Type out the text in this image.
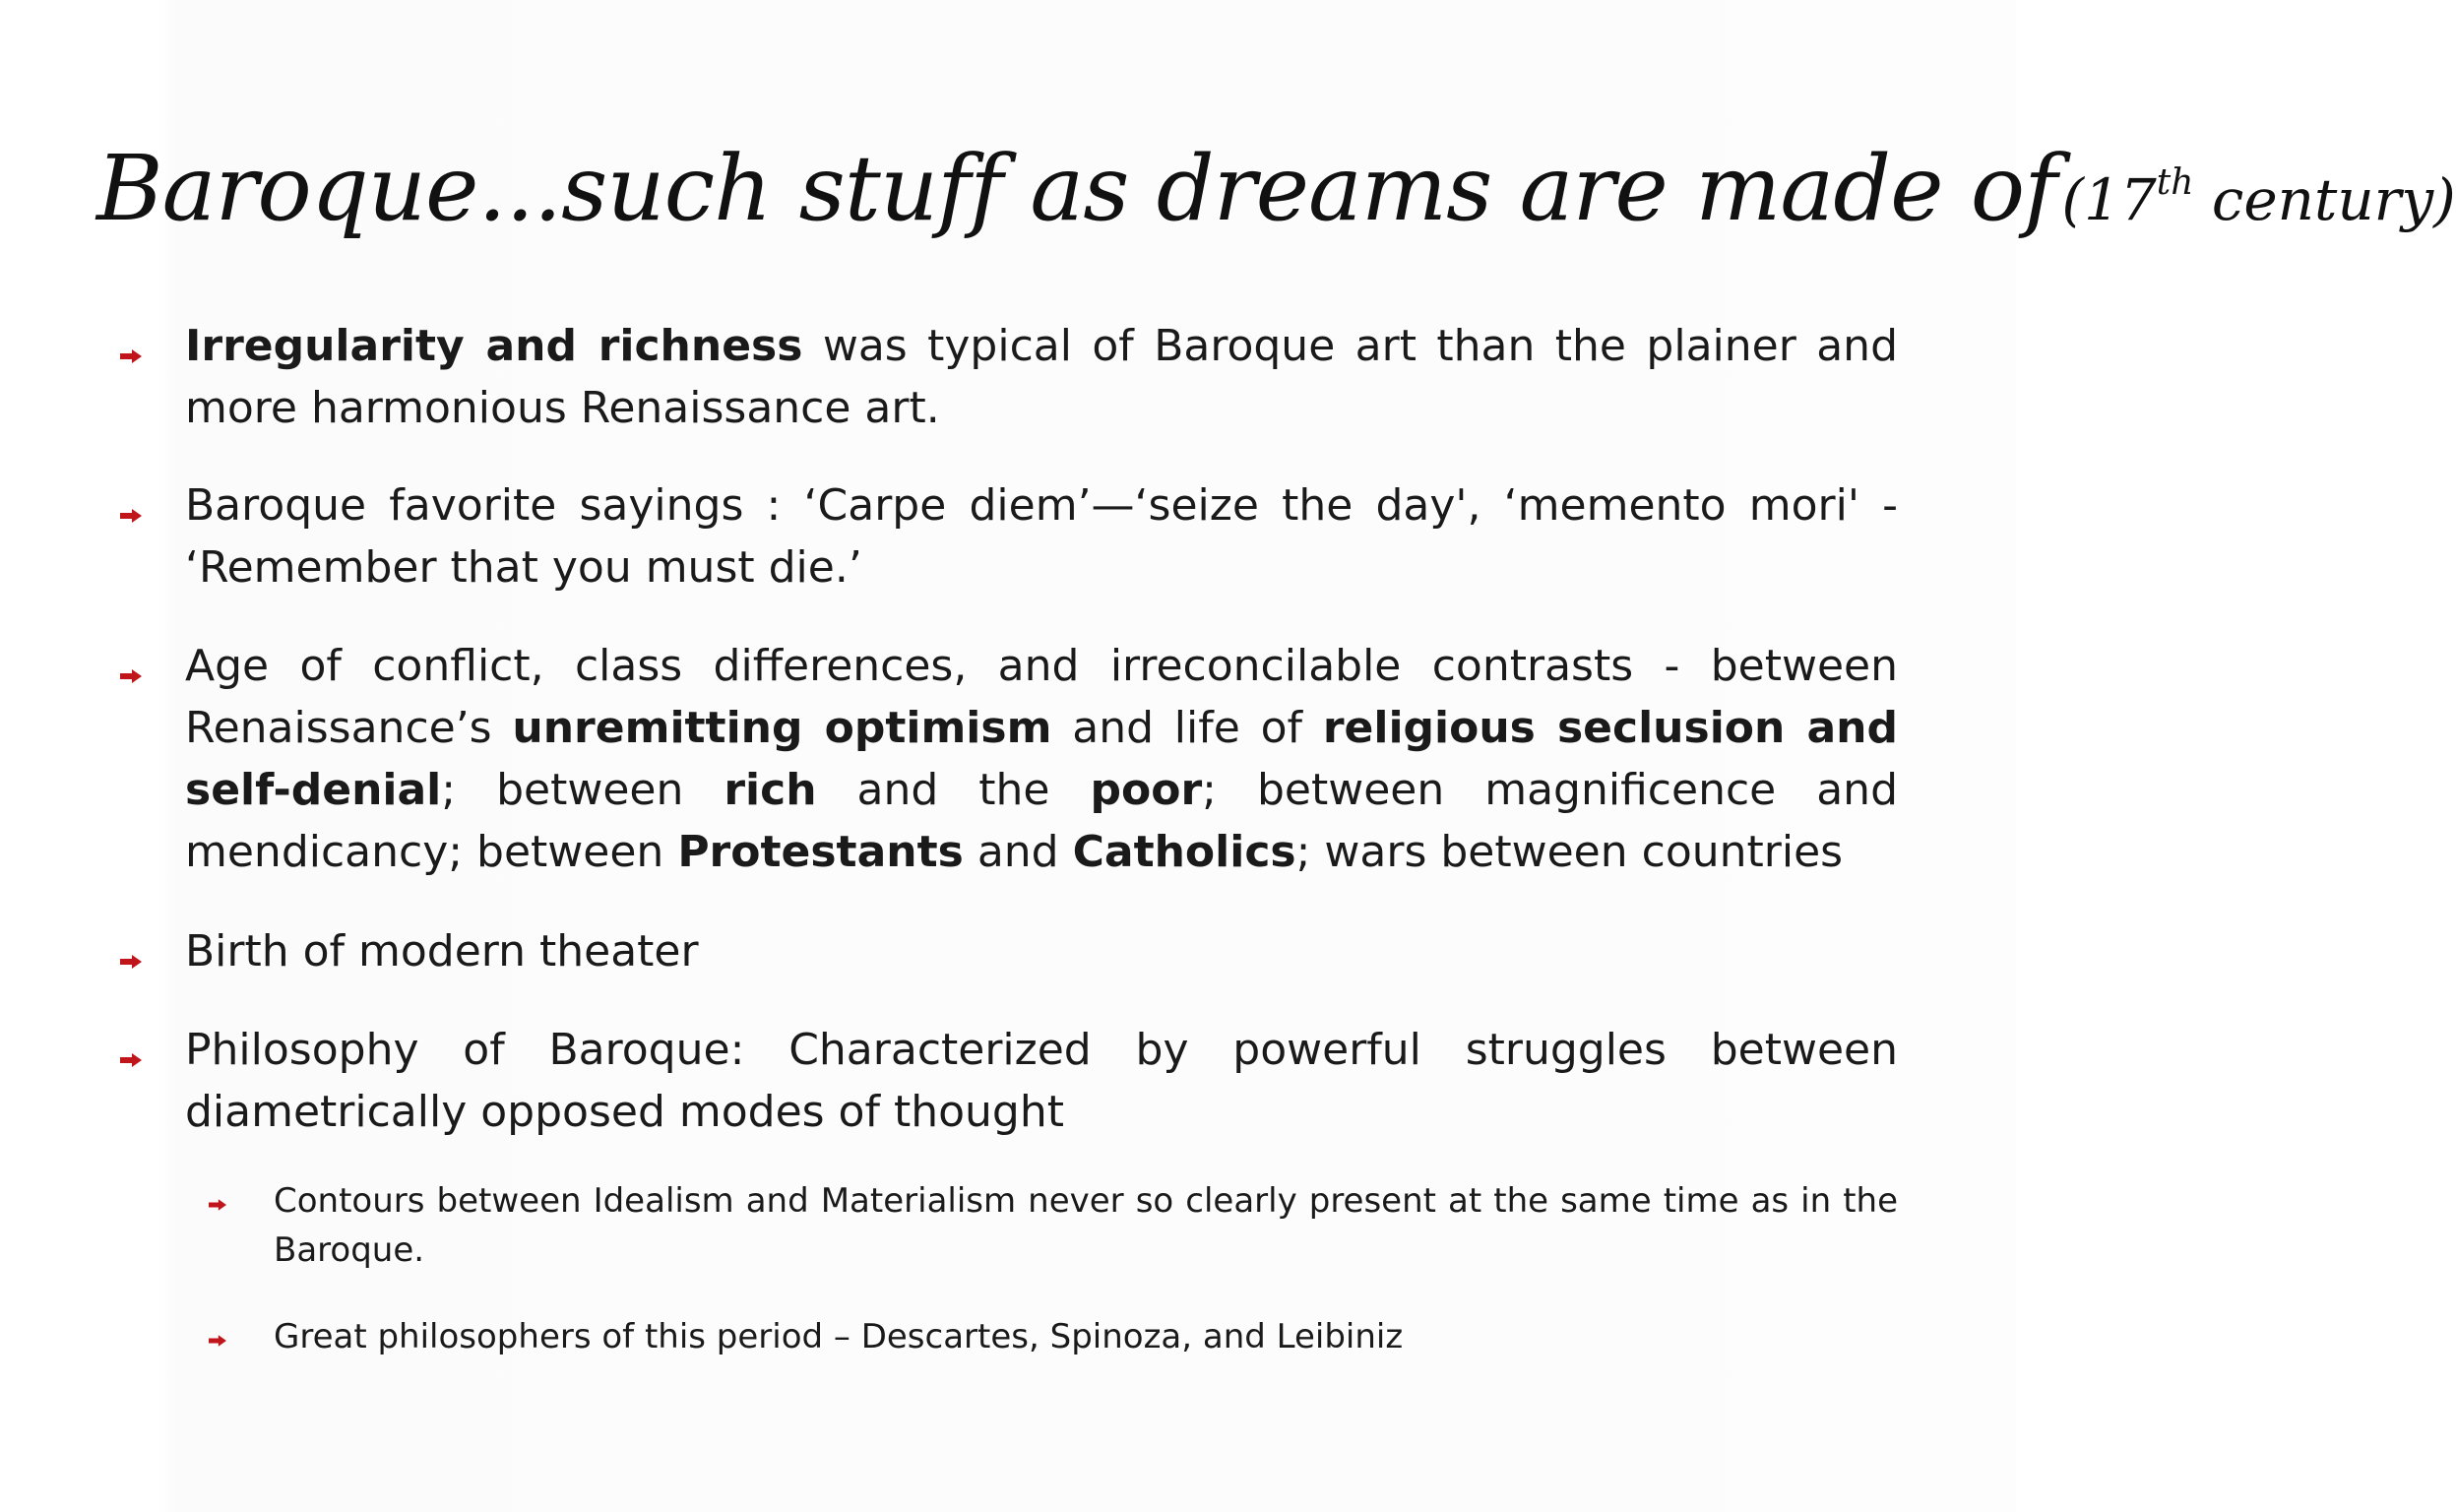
Baroque...such stuff as dreams are made of (17th century)
Irregularity and richness was typical of Baroque art than the plainer and more harmonious Renaissance art.
Baroque favorite sayings : ‘Carpe diem’—‘seize the day', ‘memento mori' - ‘Remember that you must die.’
Age of conflict, class differences, and irreconcilable contrasts - between Renaissance’s unremitting optimism and life of religious seclusion and self-denial; between rich and the poor; between magnificence and mendicancy; between Protestants and Catholics; wars between countries
Birth of modern theater
Philosophy of Baroque: Characterized by powerful struggles between diametrically opposed modes of thought
Contours between Idealism and Materialism never so clearly present at the same time as in the Baroque.
Great philosophers of this period – Descartes, Spinoza, and Leibiniz
